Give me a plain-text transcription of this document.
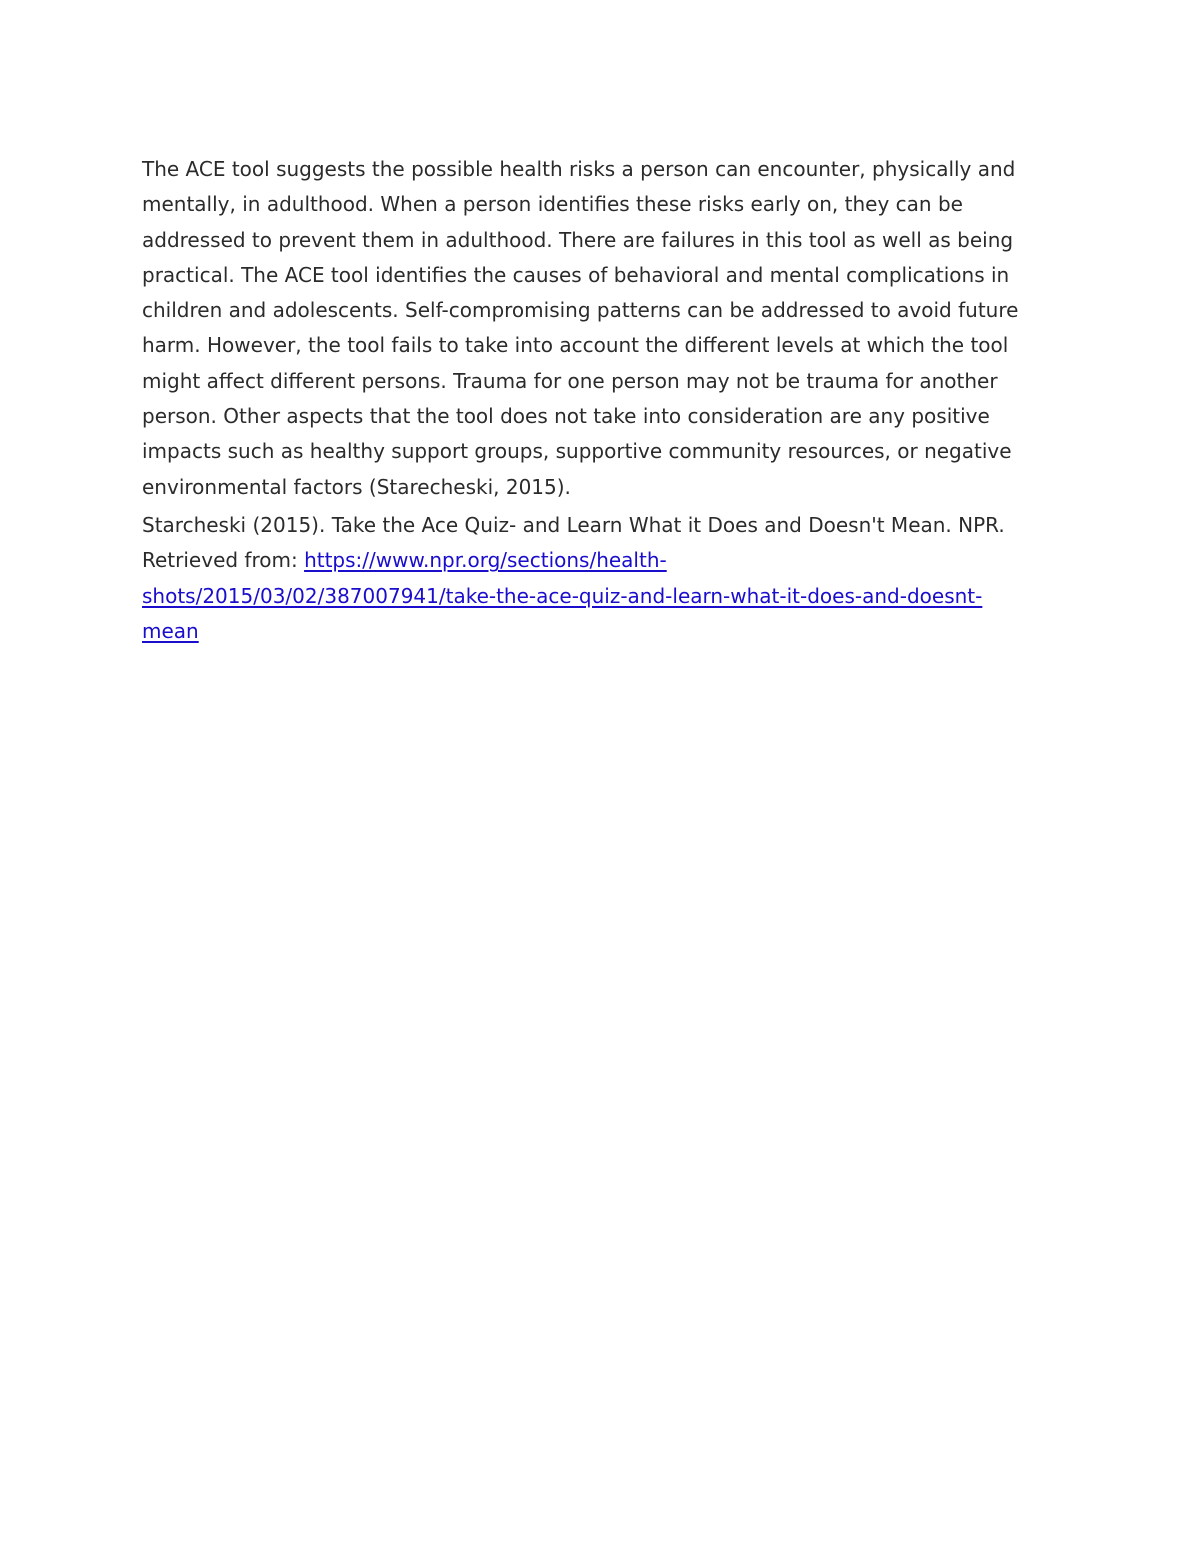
The ACE tool suggests the possible health risks a person can encounter, physically and mentally, in adulthood. When a person identifies these risks early on, they can be addressed to prevent them in adulthood. There are failures in this tool as well as being practical. The ACE tool identifies the causes of behavioral and mental complications in children and adolescents. Self-compromising patterns can be addressed to avoid future harm. However, the tool fails to take into account the different levels at which the tool might affect different persons. Trauma for one person may not be trauma for another person. Other aspects that the tool does not take into consideration are any positive impacts such as healthy support groups, supportive community resources, or negative environmental factors (Starecheski, 2015).

Starcheski (2015). Take the Ace Quiz- and Learn What it Does and Doesn't Mean. NPR.
Retrieved from: https://www.npr.org/sections/health-
shots/2015/03/02/387007941/take-the-ace-quiz-and-learn-what-it-does-and-doesnt-
mean
